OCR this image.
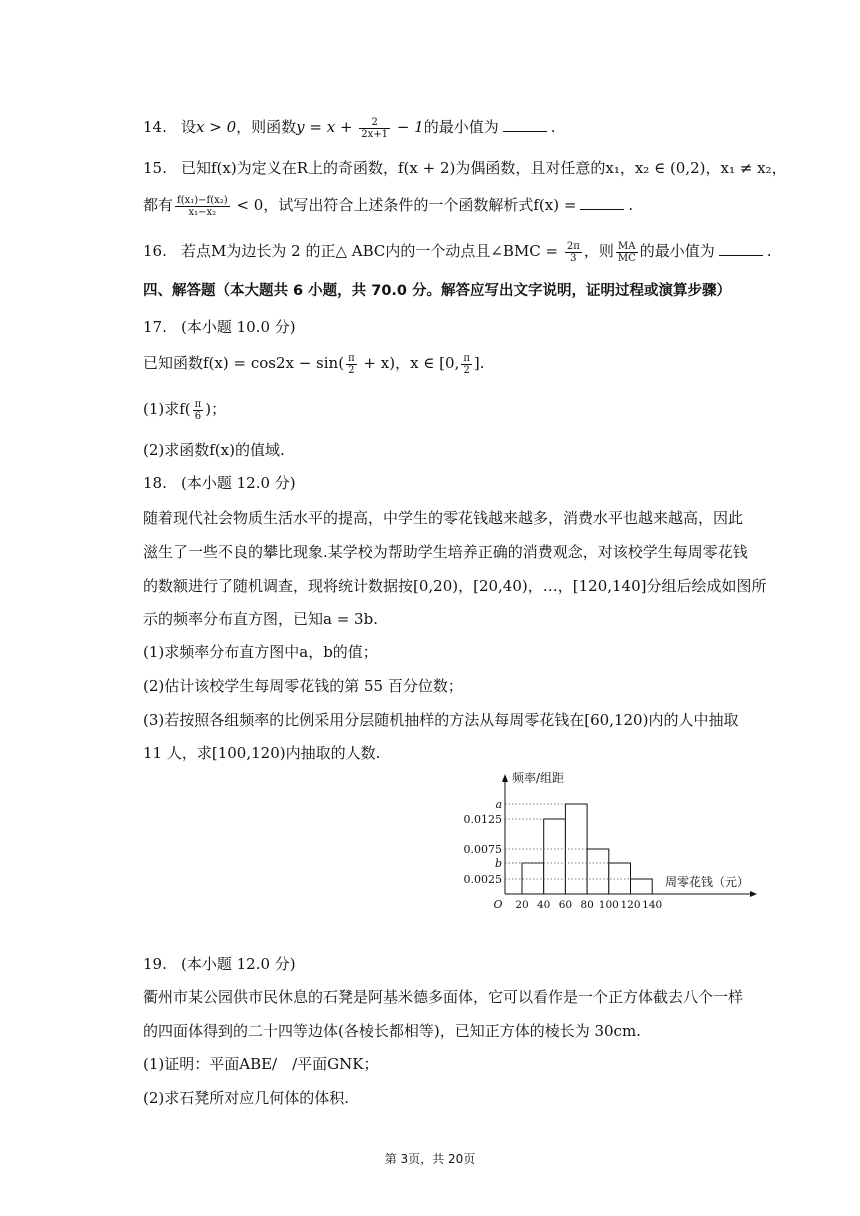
14. 设x > 0，则函数$y = x + \frac{2}{2x+1} - 1$的最小值为	.
15. 已知f(x)为定义在R上的奇函数，f(x + 2)为偶函数，且对任意的x₁，x₂ ∈ (0,2)，x₁ ≠ x₂，
都有 $\frac{\text{f(x₁)−f(x₂)}}{\text{x₁−x₂}} < 0$，试写出符合上述条件的一个函数解析式f(x) =	.
16. 若点M为边长为 2 的正△ ABC内的一个动点且∠BMC = $\frac{2\pi}{3}$ ，则 $\frac{MA}{MC}$ 的最小值为	.
四、解答题（本大题共 6 小题，共 70.0 分。解答应写出文字说明，证明过程或演算步骤）
17. (本小题 10.0 分)
已知函数$f(x) = \cos 2x - \sin( \frac{\pi}{2} + x)$，x ∈ [0, $\frac{\pi}{2}$ ].
(1)求$f( \frac{\pi}{6}$ )；
(2)求函数f(x)的值域.
18. (本小题 12.0 分)
随着现代社会物质生活水平的提高，中学生的零花钱越来越多，消费水平也越来越高，因此
滋生了一些不良的攀比现象.某学校为帮助学生培养正确的消费观念，对该校学生每周零花钱
的数额进行了随机调查，现将统计数据按[0,20)，[20,40)，…，[120,140]分组后绘成如图所
示的频率分布直方图，已知a = 3b.
(1)求频率分布直方图中a，b的值；
(2)估计该校学生每周零花钱的第 55 百分位数；
(3)若按照各组频率的比例采用分层随机抽样的方法从每周零花钱在[60,120)内的人中抽取
11 人，求[100,120)内抽取的人数.
a
0.0125
0.0075
b
0.0025
20 40 60 80 100 120 140
O
频率/组距
周零花钱（元）
19. (本小题 12.0 分)
衢州市某公园供市民休息的石凳是阿基米德多面体，它可以看作是一个正方体截去八个一样
的四面体得到的二十四等边体(各棱长都相等)，已知正方体的棱长为 30cm.
(1)证明：平面ABE/　/平面GNK；
(2)求石凳所对应几何体的体积.
第 3页，共 20页
